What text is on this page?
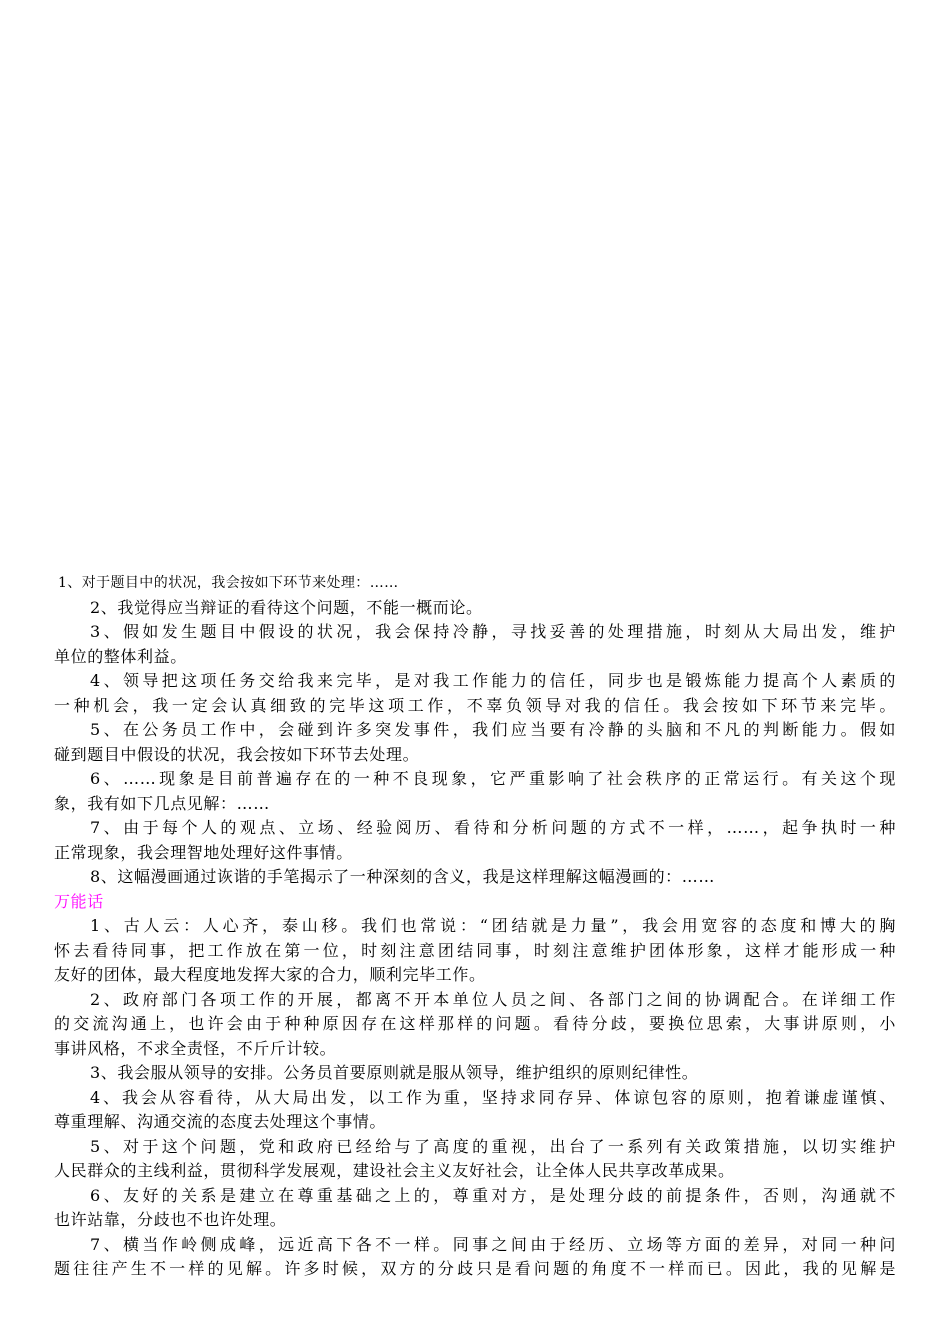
1、对于题目中的状况，我会按如下环节来处理：……
2、我觉得应当辩证的看待这个问题，不能一概而论。
3、假如发生题目中假设的状况，我会保持冷静，寻找妥善的处理措施，时刻从大局出发，维护
单位的整体利益。
4、领导把这项任务交给我来完毕，是对我工作能力的信任，同步也是锻炼能力提高个人素质的
一种机会，我一定会认真细致的完毕这项工作，不辜负领导对我的信任。我会按如下环节来完毕。
5、在公务员工作中，会碰到许多突发事件，我们应当要有冷静的头脑和不凡的判断能力。假如
碰到题目中假设的状况，我会按如下环节去处理。
6、……现象是目前普遍存在的一种不良现象，它严重影响了社会秩序的正常运行。有关这个现
象，我有如下几点见解：……
7、由于每个人的观点、立场、经验阅历、看待和分析问题的方式不一样，……，起争执时一种
正常现象，我会理智地处理好这件事情。
8、这幅漫画通过诙谐的手笔揭示了一种深刻的含义，我是这样理解这幅漫画的：……
万能话
1、古人云：人心齐，泰山移。我们也常说：“团结就是力量”，我会用宽容的态度和博大的胸
怀去看待同事，把工作放在第一位，时刻注意团结同事，时刻注意维护团体形象，这样才能形成一种
友好的团体，最大程度地发挥大家的合力，顺利完毕工作。
2、政府部门各项工作的开展，都离不开本单位人员之间、各部门之间的协调配合。在详细工作
的交流沟通上，也许会由于种种原因存在这样那样的问题。看待分歧，要换位思索，大事讲原则，小
事讲风格，不求全责怪，不斤斤计较。
3、我会服从领导的安排。公务员首要原则就是服从领导，维护组织的原则纪律性。
4、我会从容看待，从大局出发，以工作为重，坚持求同存异、体谅包容的原则，抱着谦虚谨慎、
尊重理解、沟通交流的态度去处理这个事情。
5、对于这个问题，党和政府已经给与了高度的重视，出台了一系列有关政策措施，以切实维护
人民群众的主线利益，贯彻科学发展观，建设社会主义友好社会，让全体人民共享改革成果。
6、友好的关系是建立在尊重基础之上的，尊重对方，是处理分歧的前提条件，否则，沟通就不
也许站靠，分歧也不也许处理。
7、横当作岭侧成峰，远近高下各不一样。同事之间由于经历、立场等方面的差异，对同一种问
题往往产生不一样的见解。许多时候，双方的分歧只是看问题的角度不一样而已。因此，我的见解是
